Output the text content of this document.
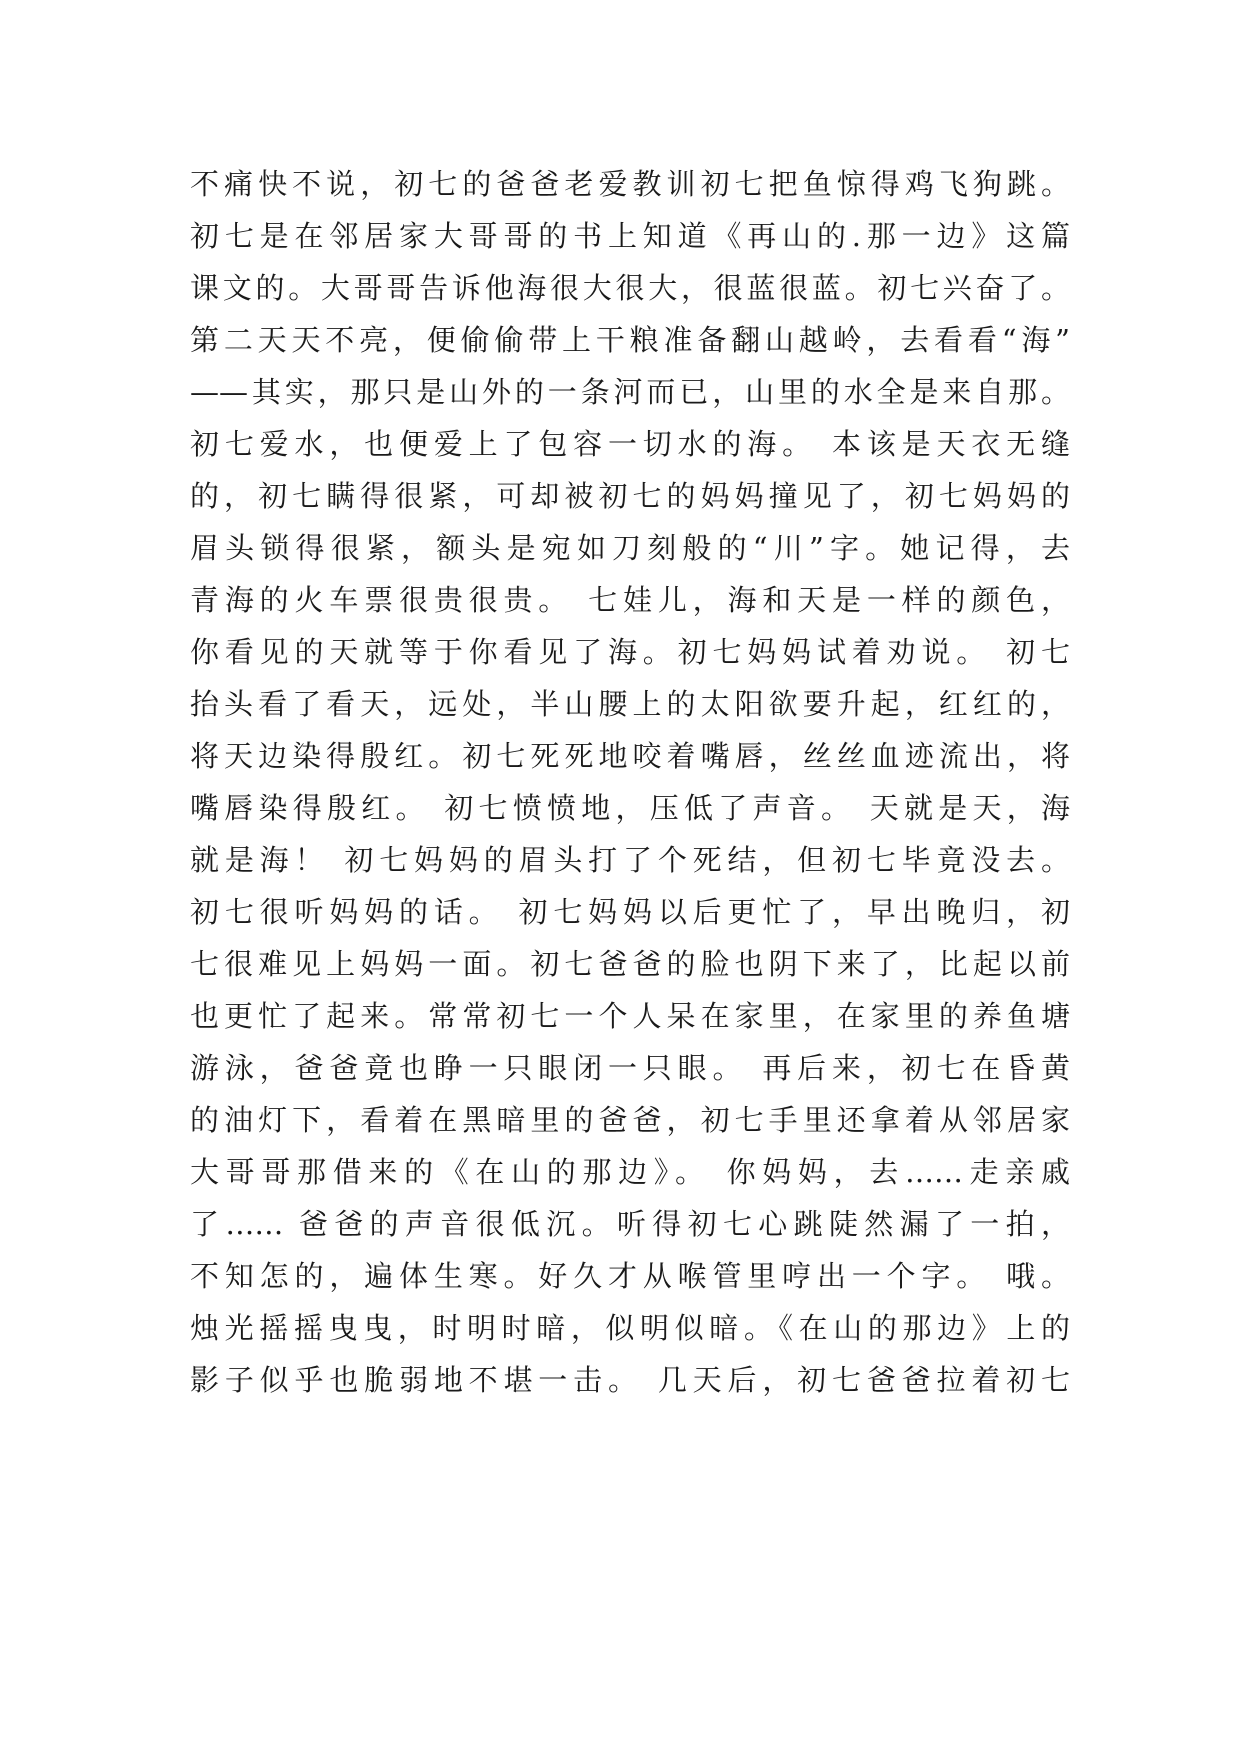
不痛快不说，初七的爸爸老爱教训初七把鱼惊得鸡飞狗跳。
初七是在邻居家大哥哥的书上知道《再山的.那一边》这篇
课文的。大哥哥告诉他海很大很大，很蓝很蓝。初七兴奋了。
第二天天不亮，便偷偷带上干粮准备翻山越岭，去看看“海”
——其实，那只是山外的一条河而已，山里的水全是来自那。
初七爱水，也便爱上了包容一切水的海。 本该是天衣无缝
的，初七瞒得很紧，可却被初七的妈妈撞见了，初七妈妈的
眉头锁得很紧，额头是宛如刀刻般的“川”字。她记得，去
青海的火车票很贵很贵。 七娃儿，海和天是一样的颜色，
你看见的天就等于你看见了海。初七妈妈试着劝说。 初七
抬头看了看天，远处，半山腰上的太阳欲要升起，红红的，
将天边染得殷红。初七死死地咬着嘴唇，丝丝血迹流出，将
嘴唇染得殷红。 初七愤愤地，压低了声音。 天就是天，海
就是海！ 初七妈妈的眉头打了个死结，但初七毕竟没去。
初七很听妈妈的话。 初七妈妈以后更忙了，早出晚归，初
七很难见上妈妈一面。初七爸爸的脸也阴下来了，比起以前
也更忙了起来。常常初七一个人呆在家里，在家里的养鱼塘
游泳，爸爸竟也睁一只眼闭一只眼。 再后来，初七在昏黄
的油灯下，看着在黑暗里的爸爸，初七手里还拿着从邻居家
大哥哥那借来的《在山的那边》。 你妈妈，去……走亲戚
了…… 爸爸的声音很低沉。听得初七心跳陡然漏了一拍，
不知怎的，遍体生寒。好久才从喉管里哼出一个字。 哦。
烛光摇摇曳曳，时明时暗，似明似暗。《在山的那边》上的
影子似乎也脆弱地不堪一击。 几天后，初七爸爸拉着初七
